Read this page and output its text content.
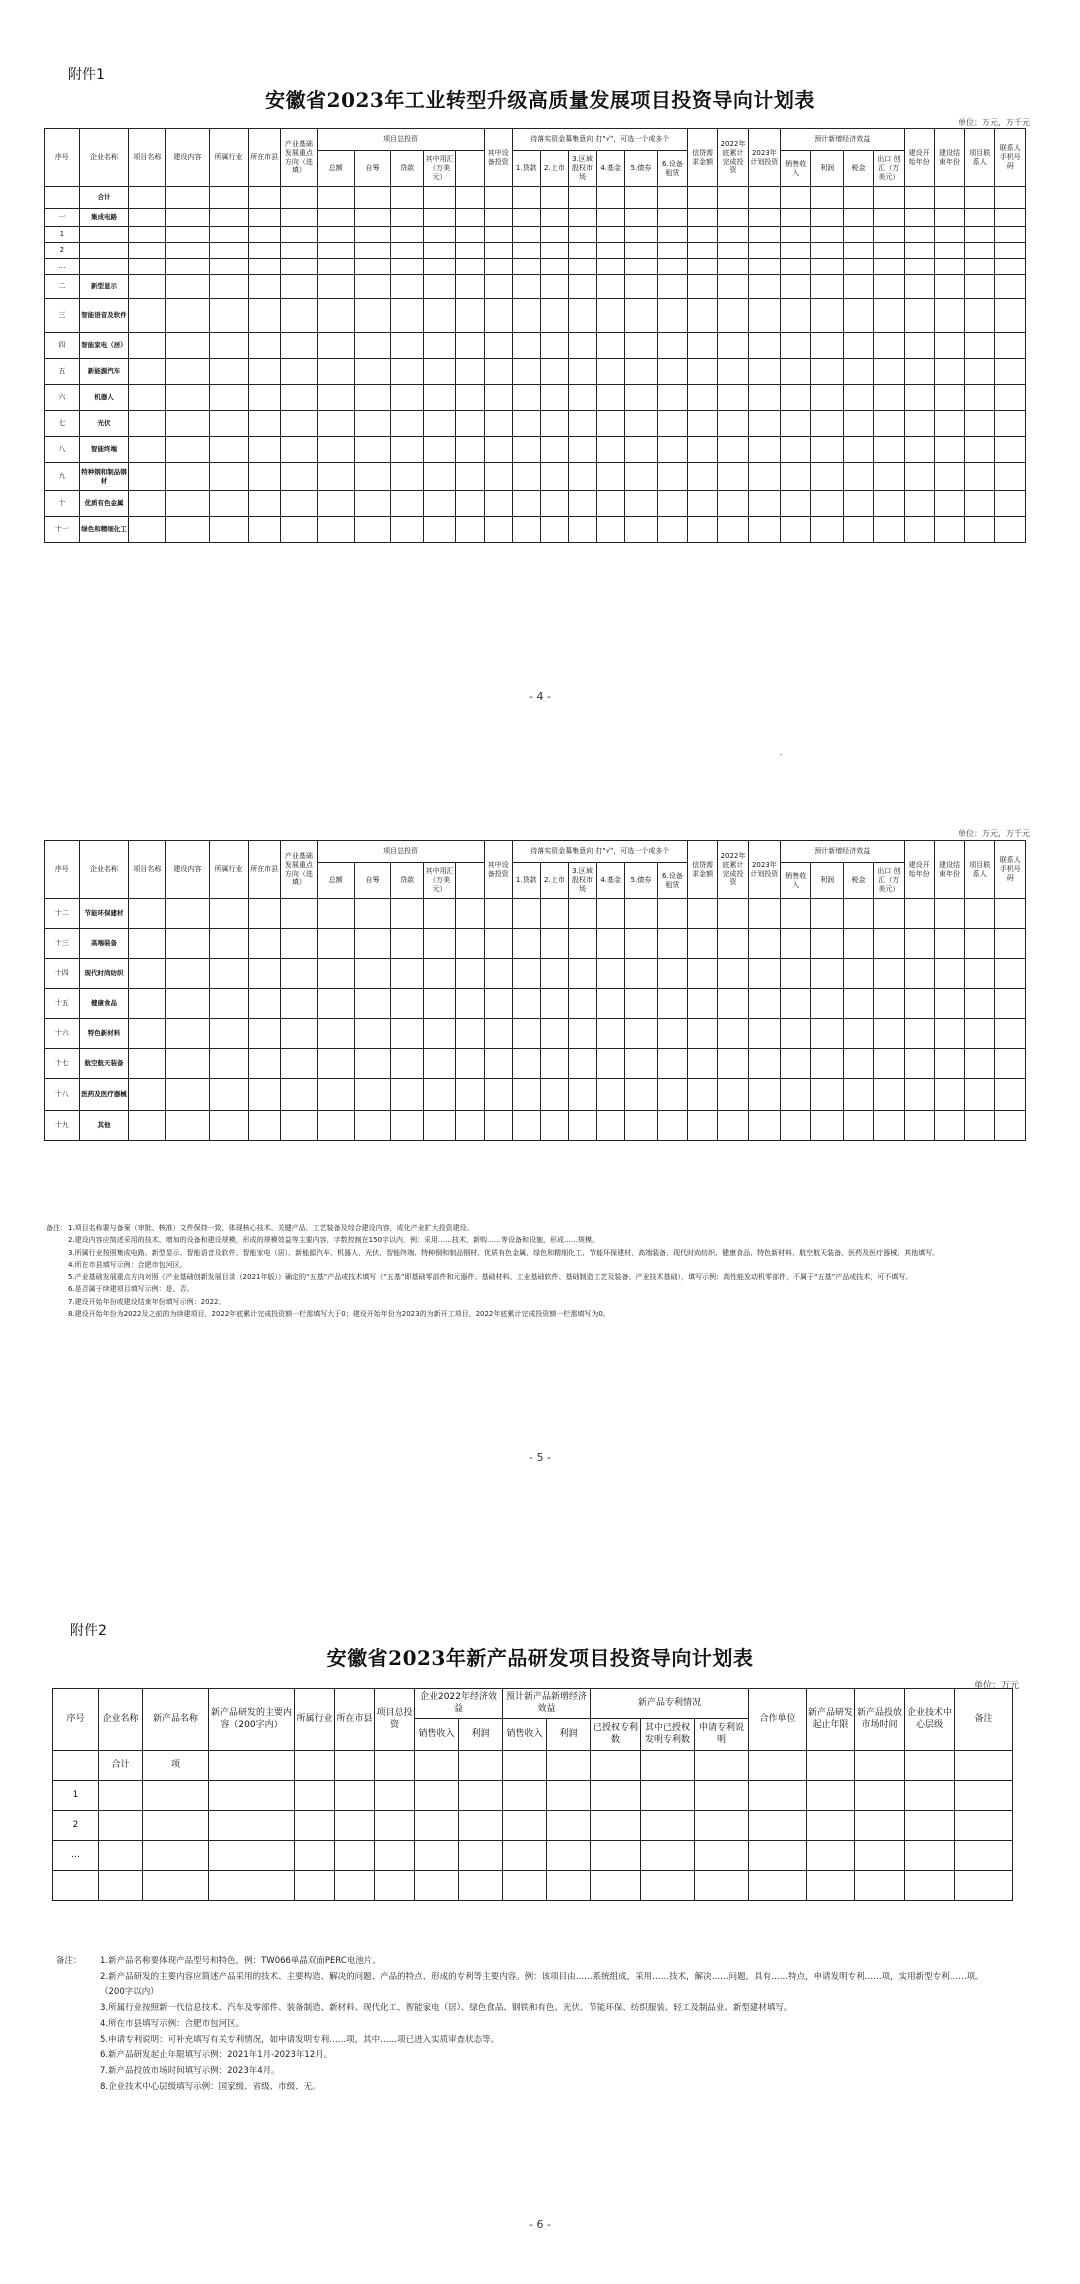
附件1
安徽省2023年工业转型升级高质量发展项目投资导向计划表
单位：万元，万千元
序号	企业名称	项目名称	建设内容	所属行业	所在市县	产业基础发展重点方向（选填）	项目总投资					其中设备投资	待落实资金募集意向 打"√"，可选一个或多个						信贷需求金额	2022年底累计完成投资	2023年计划投资	预计新增经济效益				建设开始年份	建设结束年份	项目联系人	联系人手机号码
							总额	自筹	贷款	其中用汇（万美元）			1.贷款	2.上市	3.区域股权市场	4.基金	5.债券	6.设备租赁				销售收入	利润	税金	出口 创汇（万美元）				
	合计																												
一	集成电路																												
1																													
2																													
…																													
二	新型显示																												
三	智能语音及软件																												
四	智能家电（居）																												
五	新能源汽车																												
六	机器人																												
七	光伏																												
八	智能终端																												
九	特种钢和制品钢材																												
十	优质有色金属																												
十一	绿色和精细化工																												
- 4 -
单位：万元，万千元
序号	企业名称	项目名称	建设内容	所属行业	所在市县	产业基础发展重点方向（选填）	项目总投资					其中设备投资	待落实资金募集意向 打"√"，可选一个或多个						信贷需求金额	2022年底累计完成投资	2023年计划投资	预计新增经济效益				建设开始年份	建设结束年份	项目联系人	联系人手机号码
							总额	自筹	贷款	其中用汇（万美元）			1.贷款	2.上市	3.区域股权市场	4.基金	5.债券	6.设备租赁				销售收入	利润	税金	出口 创汇（万美元）				
十二	节能环保建材																												
十三	高端装备																												
十四	现代时尚纺织																												
十五	健康食品																												
十六	特色新材料																												
十七	航空航天装备																												
十八	医药及医疗器械																												
十九	其他																												
备注： 1.项目名称要与备案（审批、核准）文件保持一致，体现核心技术、关键产品、工艺装备及综合建设内容，或化产业扩大投资建设。
2.建设内容应简述采用的技术、增加的设备和建设规模，形成的规模效益等主要内容，字数控制在150字以内，例：采用……技术，新购……等设备和设施，形成……规模。
3.所属行业按照集成电路、新型显示、智能语音及软件、智能家电（居）、新能源汽车、机器人、光伏、智能终端、特种钢和制品钢材、优质有色金属、绿色和精细化工、节能环保建材、高端装备、现代时尚纺织、健康食品、特色新材料、航空航天装备、医药及医疗器械、其他填写。
4.所在市县填写示例：合肥市包河区。
5.产业基础发展重点方向对照《产业基础创新发展目录（2021年版）》确定的“五基”产品或技术填写（“五基”即基础零部件和元器件、基础材料、工业基础软件、基础制造工艺及装备、产业技术基础），填写示例：高性能发动机零部件，不属于“五基”产品或技术，可不填写。
6.是否属于续建项目填写示例：是、否。
7.建设开始年份或建设结束年份填写示例：2022。
8.建设开始年份为2022及之前的为续建项目，2022年底累计完成投资额一栏需填写大于0；建设开始年份为2023的为新开工项目，2022年底累计完成投资额一栏需填写为0。
- 5 -
附件2
安徽省2023年新产品研发项目投资导向计划表
单位：万元
序号	企业名称	新产品名称	新产品研发的主要内容（200字内）	所属行业	所在市县	项目总投资	企业2022年经济效益		预计新产品新增经济效益		新产品专利情况			合作单位	新产品研发起止年限	新产品投放市场时间	企业技术中心层级	备注	
							销售收入	利润	销售收入	利润	已授权专利数	其中已授权发明专利数	申请专利说明						
	合计	项																	
1																			
2																			
…																			

备注： 1.新产品名称要体现产品型号和特色，例：TW066单晶双面PERC电池片。
2.新产品研发的主要内容应简述产品采用的技术、主要构造、解决的问题、产品的特点、形成的专利等主要内容。例：该项目由……系统组成，采用……技术，解决……问题，具有……特点，申请发明专利……项，实用新型专利……项。（200字以内）
3.所属行业按照新一代信息技术、汽车及零部件、装备制造、新材料、现代化工、智能家电（居）、绿色食品、钢铁和有色、光伏、节能环保、纺织服装、轻工及制品业、新型建材填写。
4.所在市县填写示例：合肥市包河区。
5.申请专利说明：可补充填写有关专利情况，如申请发明专利……项，其中……项已进入实质审查状态等。
6.新产品研发起止年限填写示例：2021年1月-2023年12月。
7.新产品投放市场时间填写示例：2023年4月。
8.企业技术中心层级填写示例：国家级、省级、市级、无。
- 6 -
